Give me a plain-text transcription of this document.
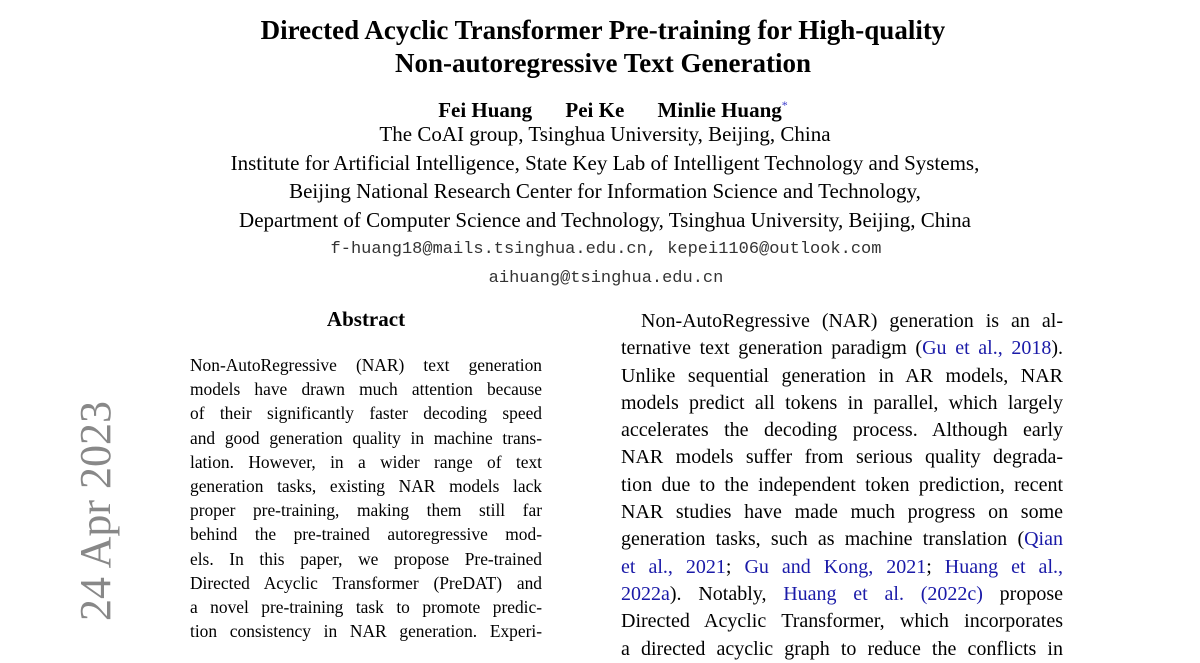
Directed Acyclic Transformer Pre-training for High-quality
Non-autoregressive Text Generation
Fei Huang Pei Ke Minlie Huang*
The CoAI group, Tsinghua University, Beijing, China
Institute for Artificial Intelligence, State Key Lab of Intelligent Technology and Systems,
Beijing National Research Center for Information Science and Technology,
Department of Computer Science and Technology, Tsinghua University, Beijing, China
f-huang18@mails.tsinghua.edu.cn, kepei1106@outlook.com
aihuang@tsinghua.edu.cn
Abstract
Non-AutoRegressive (NAR) text generation
models have drawn much attention because
of their significantly faster decoding speed
and good generation quality in machine trans-
lation. However, in a wider range of text
generation tasks, existing NAR models lack
proper pre-training, making them still far
behind the pre-trained autoregressive mod-
els. In this paper, we propose Pre-trained
Directed Acyclic Transformer (PreDAT) and
a novel pre-training task to promote predic-
tion consistency in NAR generation. Experi-
Non-AutoRegressive (NAR) generation is an al-
ternative text generation paradigm (Gu et al., 2018).
Unlike sequential generation in AR models, NAR
models predict all tokens in parallel, which largely
accelerates the decoding process. Although early
NAR models suffer from serious quality degrada-
tion due to the independent token prediction, recent
NAR studies have made much progress on some
generation tasks, such as machine translation (Qian
et al., 2021; Gu and Kong, 2021; Huang et al.,
2022a). Notably, Huang et al. (2022c) propose
Directed Acyclic Transformer, which incorporates
a directed acyclic graph to reduce the conflicts in
24 Apr 2023
